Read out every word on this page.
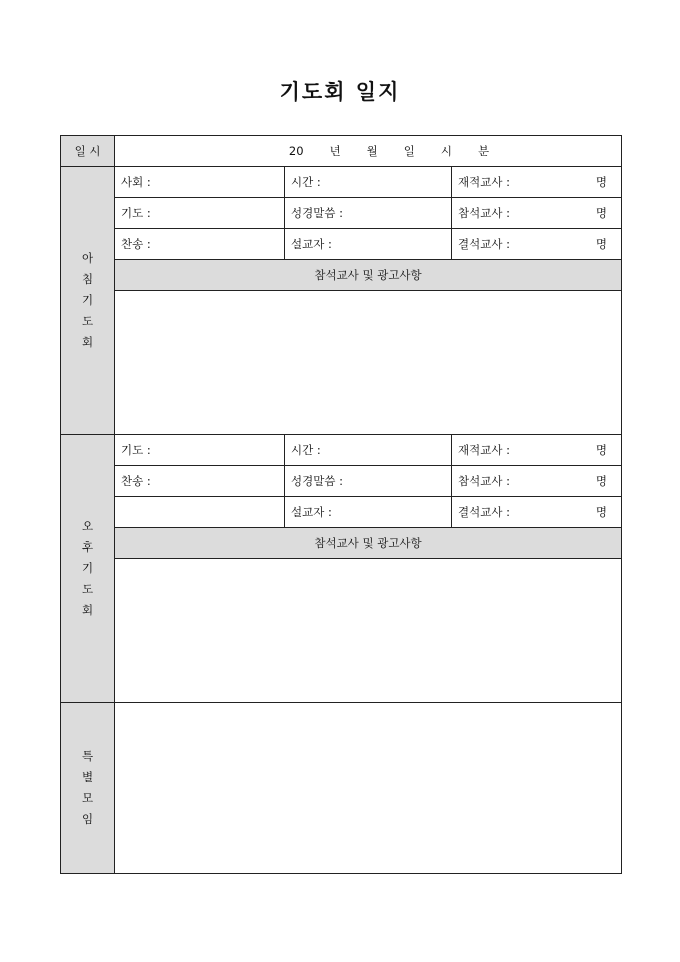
기도회 일지
일 시	20 년 월 일 시 분		
아
침
기
도
회	사회 :	시간 :	재적교사 : 명

	기도 :	성경말씀 :	참석교사 : 명

	찬송 :	설교자 :	결석교사 : 명

	참석교사 및 광고사항		

오
후
기
도
회	기도 :	시간 :	재적교사 : 명

	찬송 :	성경말씀 :	참석교사 : 명

		설교자 :	결석교사 : 명

	참석교사 및 광고사항		

특
별
모
임			
